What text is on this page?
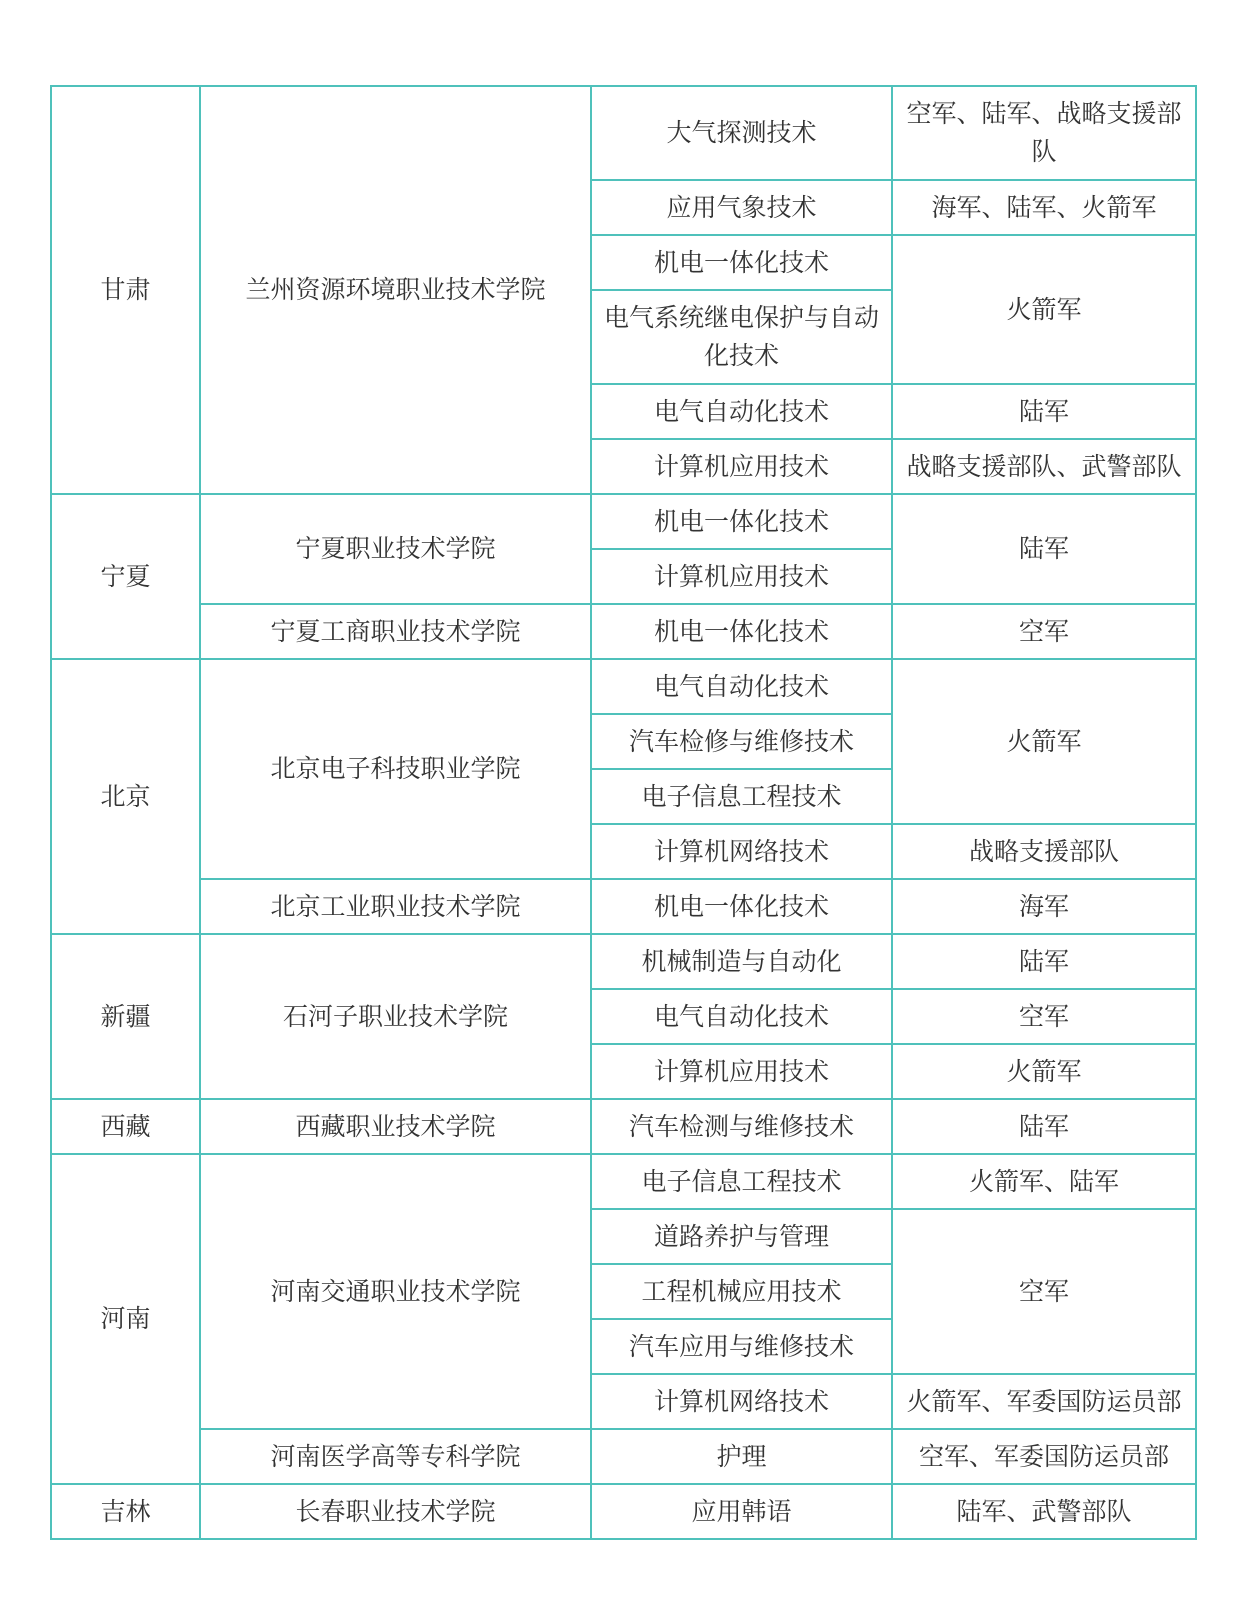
甘肃	兰州资源环境职业技术学院	大气探测技术	空军、陆军、战略支援部队
		应用气象技术	海军、陆军、火箭军
		机电一体化技术	火箭军
		电气系统继电保护与自动化技术	
		电气自动化技术	陆军
		计算机应用技术	战略支援部队、武警部队
宁夏	宁夏职业技术学院	机电一体化技术	陆军
		计算机应用技术	
	宁夏工商职业技术学院	机电一体化技术	空军
北京	北京电子科技职业学院	电气自动化技术	火箭军
		汽车检修与维修技术	
		电子信息工程技术	
		计算机网络技术	战略支援部队
	北京工业职业技术学院	机电一体化技术	海军
新疆	石河子职业技术学院	机械制造与自动化	陆军
		电气自动化技术	空军
		计算机应用技术	火箭军
西藏	西藏职业技术学院	汽车检测与维修技术	陆军
河南	河南交通职业技术学院	电子信息工程技术	火箭军、陆军
		道路养护与管理	空军
		工程机械应用技术	
		汽车应用与维修技术	
		计算机网络技术	火箭军、军委国防运员部
	河南医学高等专科学院	护理	空军、军委国防运员部
吉林	长春职业技术学院	应用韩语	陆军、武警部队
